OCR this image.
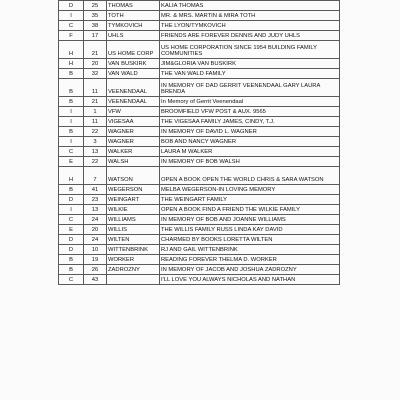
D	25	THOMAS	KALIA THOMAS
I	35	TOTH	MR. & MRS. MARTIN & MIRA TOTH
C	38	TYMKOVICH	THE LYON/TYMKOVICH
F	17	UHLS	FRIENDS ARE FOREVER DENNIS AND JUDY UHLS
H	21	US HOME CORP	US HOME CORPORATION SINCE 1954 BUILDING FAMILY COMMUNITIES
H	20	VAN BUSKIRK	JIM&GLORIA VAN BUSKIRK
B	32	VAN WALD	THE VAN WALD FAMILY
B	11	VEENENDAAL	IN MEMORY OF DAD GERRIT VEENENDAAL GARY LAURA BRENDA
B	21	VEENENDAAL	In Memory of Gerrit Veenendaal
I	1	VFW	BROOMFIELD VFW POST & AUX. 9565
I	11	VIGESAA	THE VIGESAA FAMILY JAMES, CINDY, T.J.
B	22	WAGNER	IN MEMORY OF DAVID L. WAGNER
I	3	WAGNER	BOB AND NANCY WAGNER
C	13	WALKER	LAURA M WALKER
E	22	WALSH	IN MEMORY OF BOB WALSH
H	7	WATSON	OPEN A BOOK OPEN THE WORLD CHRIS & SARA WATSON
B	41	WEGERSON	MELBA WEGERSON-IN LOVING MEMORY
D	23	WEINGART	THE WEINGART FAMILY
I	13	WILKIE	OPEN A BOOK FIND A FRIEND THE WILKIE FAMILY
C	24	WILLIAMS	IN MEMORY OF BOB AND JOANNE WILLIAMS
E	20	WILLIS	THE WILLIS FAMILY RUSS LINDA KAY DAVID
D	24	WILTEN	CHARMED BY BOOKS LORETTA WILTEN
D	10	WITTENBRINK	RJ AND GAIL WITTENBRINK
B	19	WORKER	READING FOREVER THELMA D. WORKER
B	26	ZADROZNY	IN MEMORY OF JACOB AND JOSHUA ZADROZNY
C	43		I'LL LOVE YOU ALWAYS NICHOLAS AND NATHAN
